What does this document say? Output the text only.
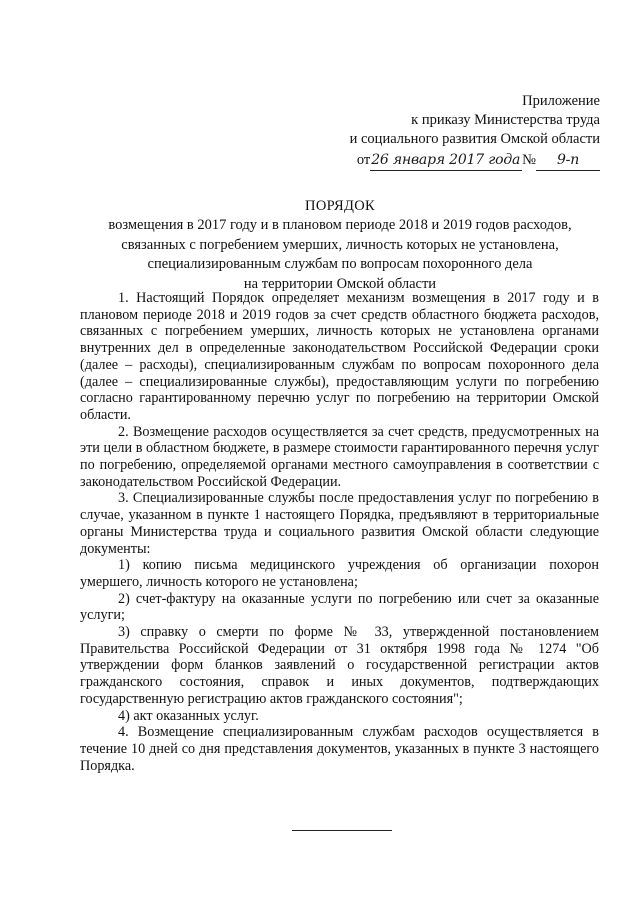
Приложение
к приказу Министерства труда
и социального развития Омской области
от26 января 2017 года № 9-п
ПОРЯДОК
возмещения в 2017 году и в плановом периоде 2018 и 2019 годов расходов,
связанных с погребением умерших, личность которых не установлена,
специализированным службам по вопросам похоронного дела
на территории Омской области

1. Настоящий Порядок определяет механизм возмещения в 2017 году и в плановом периоде 2018 и 2019 годов за счет средств областного бюджета расходов, связанных с погребением умерших, личность которых не установлена органами внутренних дел в определенные законодательством Российской Федерации сроки (далее – расходы), специализированным службам по вопросам похоронного дела (далее – специализированные службы), предоставляющим услуги по погребению согласно гарантированному перечню услуг по погребению на территории Омской области.

2. Возмещение расходов осуществляется за счет средств, предусмотренных на эти цели в областном бюджете, в размере стоимости гарантированного перечня услуг по погребению, определяемой органами местного самоуправления в соответствии с законодательством Российской Федерации.

3. Специализированные службы после предоставления услуг по погребению в случае, указанном в пункте 1 настоящего Порядка, предъявляют в территориальные органы Министерства труда и социального развития Омской области следующие документы:

1) копию письма медицинского учреждения об организации похорон умершего, личность которого не установлена;

2) счет-фактуру на оказанные услуги по погребению или счет за оказанные услуги;

3) справку о смерти по форме № 33, утвержденной постановлением Правительства Российской Федерации от 31 октября 1998 года № 1274 "Об утверждении форм бланков заявлений о государственной регистрации актов гражданского состояния, справок и иных документов, подтверждающих государственную регистрацию актов гражданского состояния";

4) акт оказанных услуг.

4. Возмещение специализированным службам расходов осуществляется в течение 10 дней со дня представления документов, указанных в пункте 3 настоящего Порядка.
